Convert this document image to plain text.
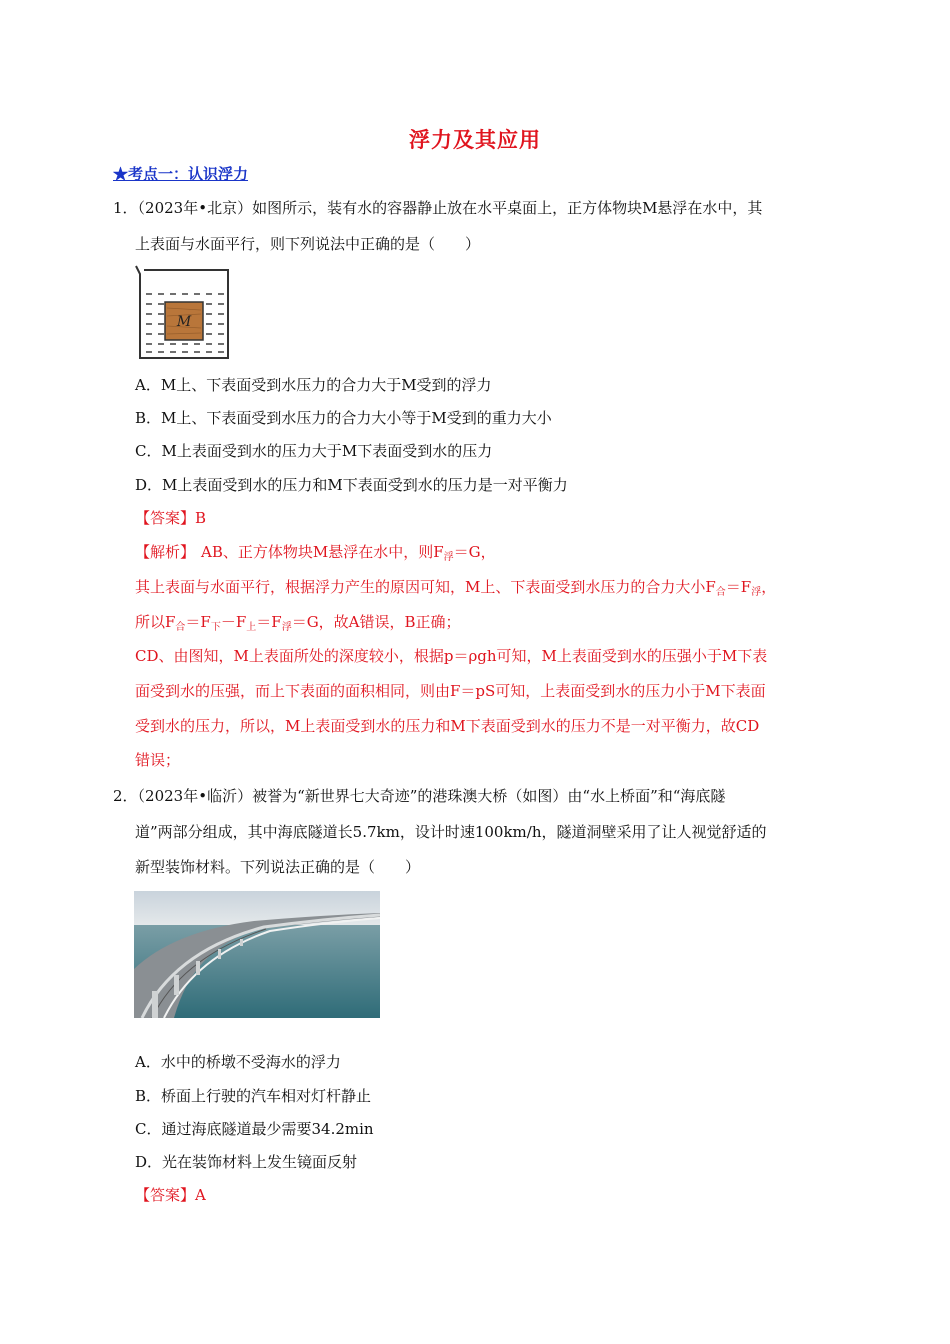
浮力及其应用
★考点一：认识浮力
1．（2023年•北京）如图所示，装有水的容器静止放在水平桌面上，正方体物块M悬浮在水中，其
上表面与水面平行，则下列说法中正确的是（　　）
M
A．M上、下表面受到水压力的合力大于M受到的浮力
B．M上、下表面受到水压力的合力大小等于M受到的重力大小
C．M上表面受到水的压力大于M下表面受到水的压力
D．M上表面受到水的压力和M下表面受到水的压力是一对平衡力
【答案】B
【解析】 AB、正方体物块M悬浮在水中，则$F_浮=G$，
其上表面与水面平行，根据浮力产生的原因可知，M上、下表面受到水压力的合力大小$F_合=F_浮$，
所以$F_合=F_下-F_上=F_浮=G$，故A错误，B正确；
CD、由图知，M上表面所处的深度较小，根据p＝ρgh可知，M上表面受到水的压强小于M下表
面受到水的压强，而上下表面的面积相同，则由F＝pS可知，上表面受到水的压力小于M下表面
受到水的压力，所以，M上表面受到水的压力和M下表面受到水的压力不是一对平衡力，故CD
错误；
2．（2023年•临沂）被誉为“新世界七大奇迹”的港珠澳大桥（如图）由“水上桥面”和“海底隧
道”两部分组成，其中海底隧道长5.7km，设计时速100km/h，隧道洞壁采用了让人视觉舒适的
新型装饰材料。下列说法正确的是（　　）
A．水中的桥墩不受海水的浮力
B．桥面上行驶的汽车相对灯杆静止
C．通过海底隧道最少需要34.2min
D．光在装饰材料上发生镜面反射
【答案】A
